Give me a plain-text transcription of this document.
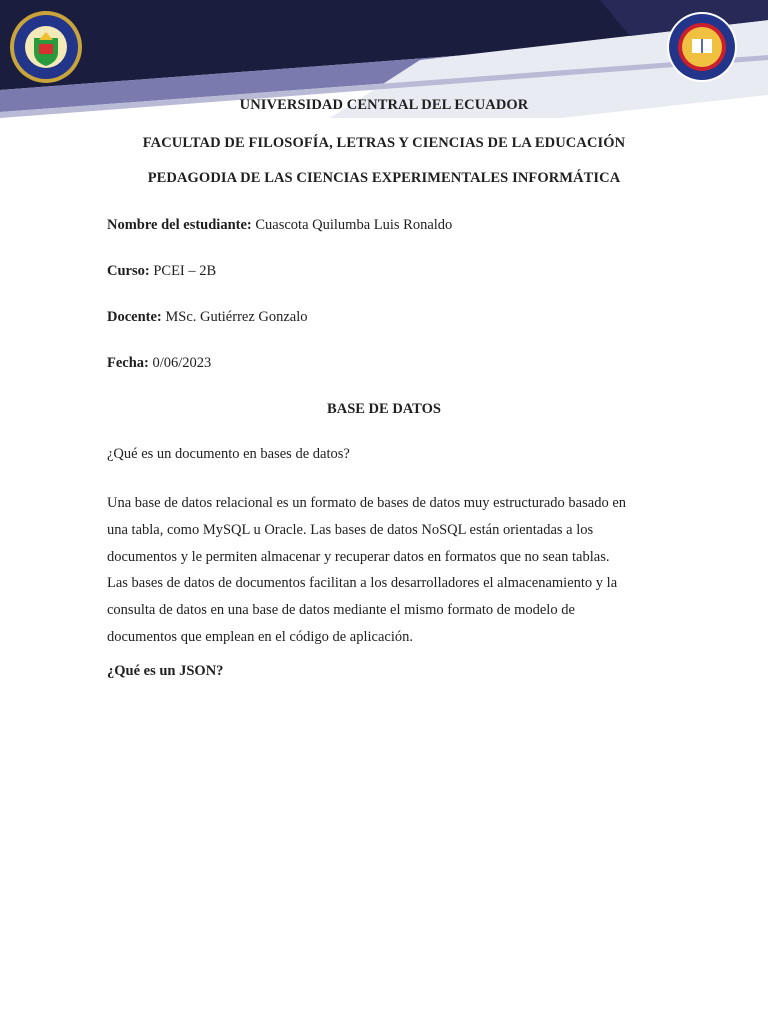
UNIVERSIDAD CENTRAL DEL ECUADOR
FACULTAD DE FILOSOFÍA, LETRAS Y CIENCIAS DE LA EDUCACIÓN
PEDAGODIA DE LAS CIENCIAS EXPERIMENTALES INFORMÁTICA
Nombre del estudiante: Cuascota Quilumba Luis Ronaldo
Curso: PCEI – 2B
Docente: MSc. Gutiérrez Gonzalo
Fecha: 0/06/2023
BASE DE DATOS
¿Qué es un documento en bases de datos?
Una base de datos relacional es un formato de bases de datos muy estructurado basado en
una tabla, como MySQL u Oracle. Las bases de datos NoSQL están orientadas a los
documentos y le permiten almacenar y recuperar datos en formatos que no sean tablas.
Las bases de datos de documentos facilitan a los desarrolladores el almacenamiento y la
consulta de datos en una base de datos mediante el mismo formato de modelo de
documentos que emplean en el código de aplicación.
¿Qué es un JSON?
